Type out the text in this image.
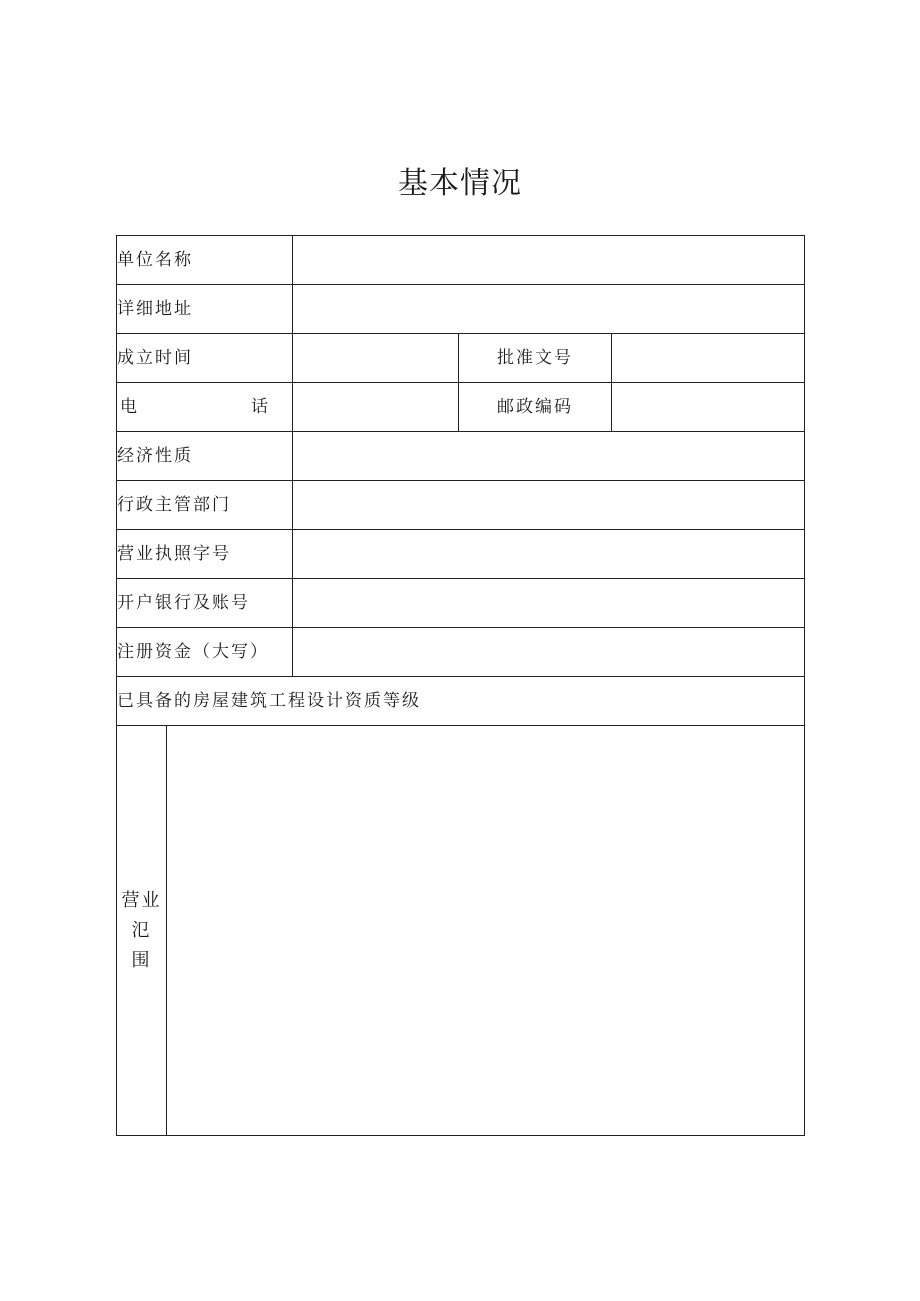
基本情况
单位名称				
详细地址				
成立时间			批准文号	

电 话			邮政编码	
经济性质				
行政主管部门				
营业执照字号				
开户银行及账号				
注册资金（大写）				
已具备的房屋建筑工程设计资质等级				

营业
氾
围				
